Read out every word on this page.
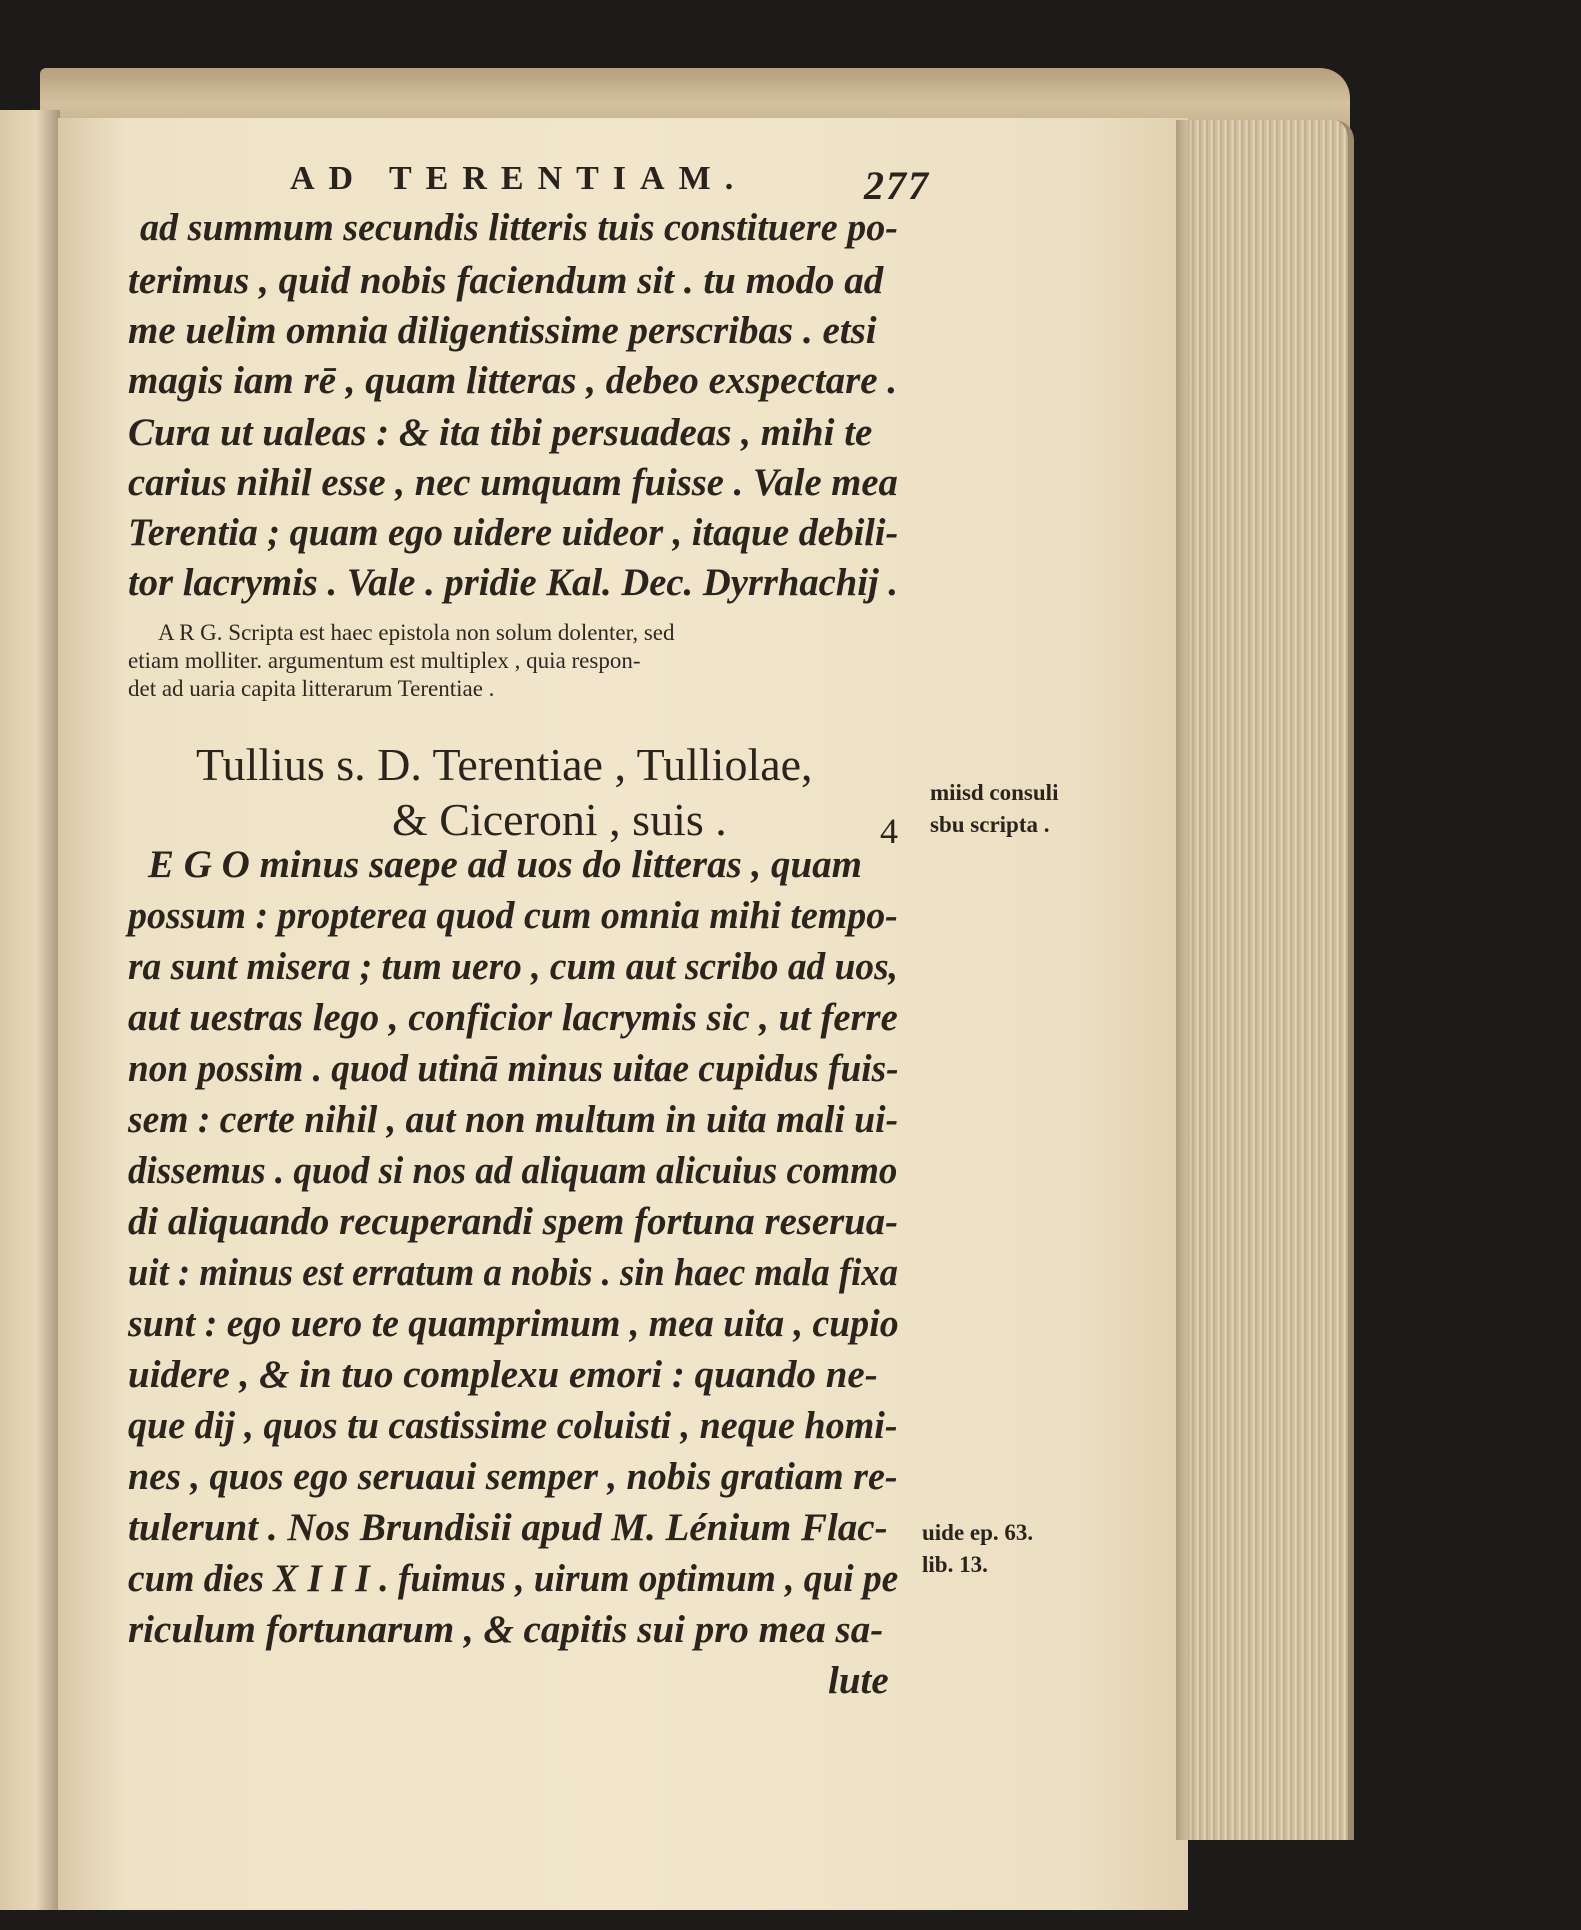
AD TERENTIAM.	277
ad summum secundis litteris tuis constituere po-
terimus , quid nobis faciendum sit . tu modo ad
me uelim omnia diligentissime perscribas . etsi
magis iam rē , quam litteras , debeo exspectare .
Cura ut ualeas : & ita tibi persuadeas , mihi te
carius nihil esse , nec umquam fuisse . Vale mea
Terentia ; quam ego uidere uideor , itaque debili-
tor lacrymis . Vale . pridie Kal. Dec. Dyrrhachij .
A R G. Scripta est haec epistola non solum dolenter, sed
etiam molliter. argumentum est multiplex , quia respon-
det ad uaria capita litterarum Terentiae .
Tullius s. D. Terentiae , Tulliolae,
& Ciceroni , suis .	4
miisd consuli
sbu scripta .
uide ep. 63.
lib. 13.
E G O minus saepe ad uos do litteras , quam
possum : propterea quod cum omnia mihi tempo-
ra sunt misera ; tum uero , cum aut scribo ad uos,
aut uestras lego , conficior lacrymis sic , ut ferre
non possim . quod utinā minus uitae cupidus fuis-
sem : certe nihil , aut non multum in uita mali ui-
dissemus . quod si nos ad aliquam alicuius commo
di aliquando recuperandi spem fortuna reserua-
uit : minus est erratum a nobis . sin haec mala fixa
sunt : ego uero te quamprimum , mea uita , cupio
uidere , & in tuo complexu emori : quando ne-
que dij , quos tu castissime coluisti , neque homi-
nes , quos ego seruaui semper , nobis gratiam re-
tulerunt . Nos Brundisii apud M. Lénium Flac-
cum dies X I I I . fuimus , uirum optimum , qui pe
riculum fortunarum , & capitis sui pro mea sa-
lute
